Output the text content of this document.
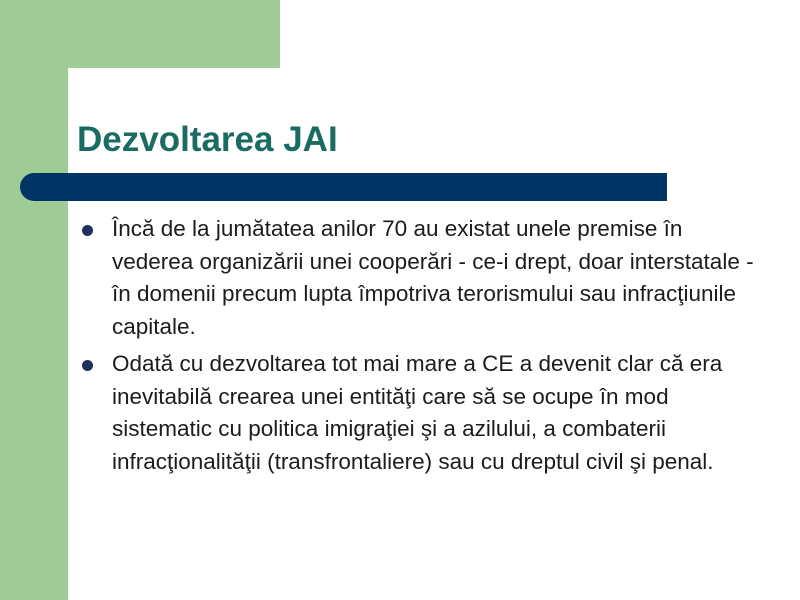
Dezvoltarea JAI
Încă de la jumătatea anilor 70 au existat unele premise în vederea organizării unei cooperări - ce-i drept, doar interstatale - în domenii precum lupta împotriva terorismului sau infracţiunile capitale.
Odată cu dezvoltarea tot mai mare a CE a devenit clar că era inevitabilă crearea unei entităţi care să se ocupe în mod sistematic cu politica imigraţiei şi a azilului, a combaterii infracţionalităţii (transfrontaliere) sau cu dreptul civil şi penal.
